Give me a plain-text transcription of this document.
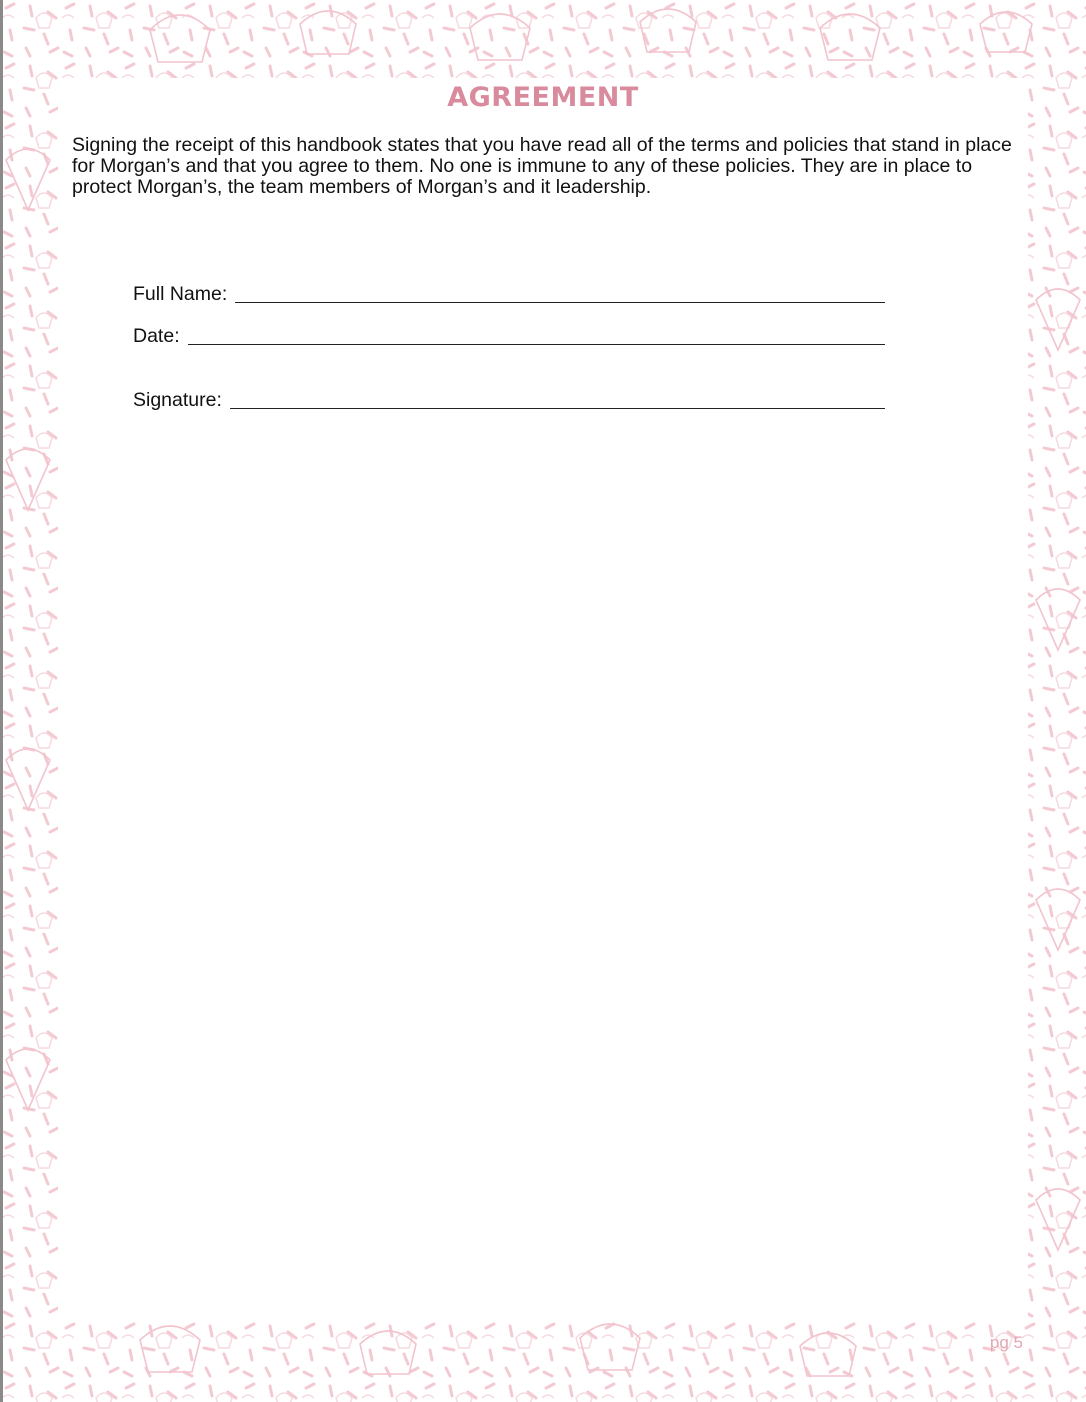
AGREEMENT

Signing the receipt of this handbook states that you have read all of the terms and policies that stand in place for Morgan’s and that you agree to them. No one is immune to any of these policies. They are in place to protect Morgan’s, the team members of Morgan’s and it leadership.

Full Name:
Date:
Signature:
pg 5
